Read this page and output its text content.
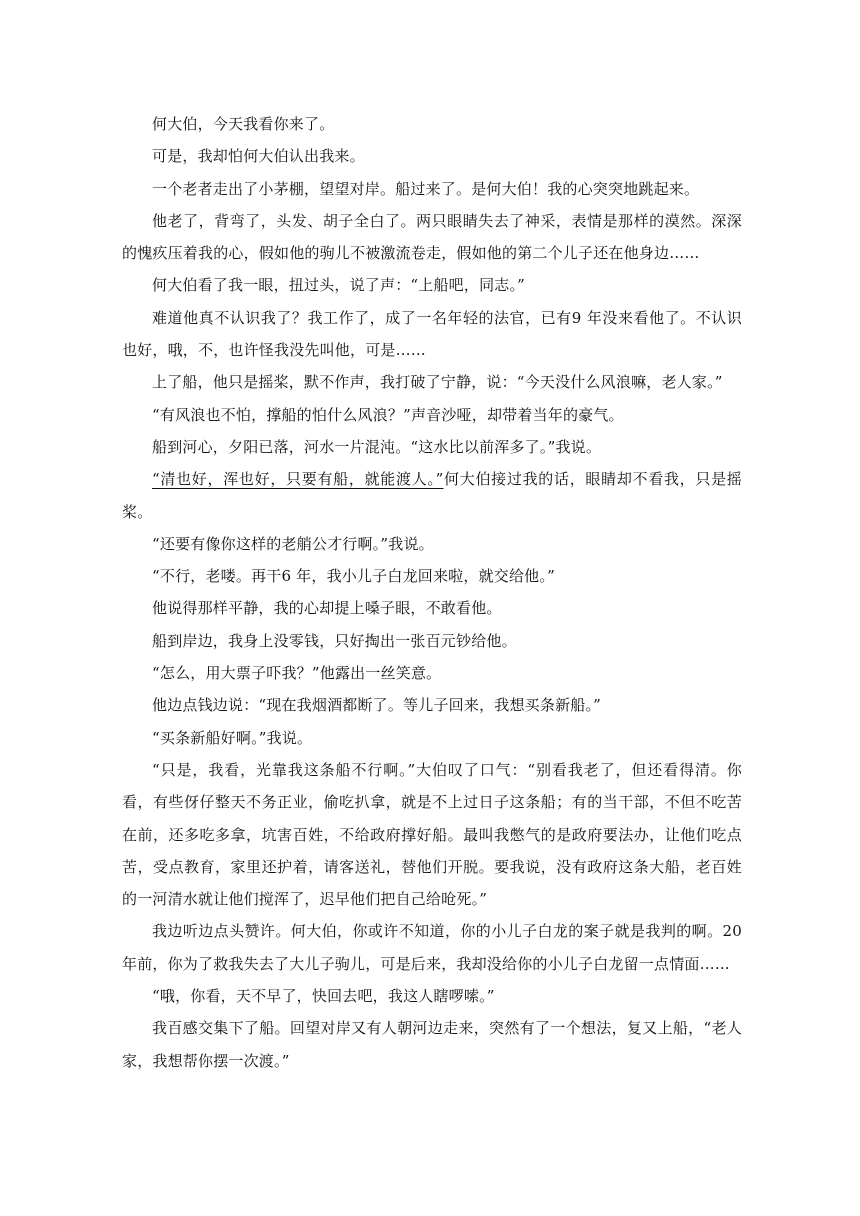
何大伯，今天我看你来了。

可是，我却怕何大伯认出我来。

一个老者走出了小茅棚，望望对岸。船过来了。是何大伯！我的心突突地跳起来。

他老了，背弯了，头发、胡子全白了。两只眼睛失去了神采，表情是那样的漠然。深深的愧疚压着我的心，假如他的驹儿不被激流卷走，假如他的第二个儿子还在他身边……

何大伯看了我一眼，扭过头，说了声：“上船吧，同志。”

难道他真不认识我了？我工作了，成了一名年轻的法官，已有9 年没来看他了。不认识也好，哦，不，也许怪我没先叫他，可是……

上了船，他只是摇桨，默不作声，我打破了宁静，说：“今天没什么风浪嘛，老人家。”

“有风浪也不怕，撑船的怕什么风浪？”声音沙哑，却带着当年的豪气。

船到河心，夕阳已落，河水一片混沌。“这水比以前浑多了。”我说。

“清也好，浑也好，只要有船，就能渡人。”何大伯接过我的话，眼睛却不看我，只是摇桨。

“还要有像你这样的老艄公才行啊。”我说。

“不行，老喽。再干6 年，我小儿子白龙回来啦，就交给他。”

他说得那样平静，我的心却提上嗓子眼，不敢看他。

船到岸边，我身上没零钱，只好掏出一张百元钞给他。

“怎么，用大票子吓我？”他露出一丝笑意。

他边点钱边说：“现在我烟酒都断了。等儿子回来，我想买条新船。”

“买条新船好啊。”我说。

“只是，我看，光靠我这条船不行啊。”大伯叹了口气：“别看我老了，但还看得清。你看，有些伢仔整天不务正业，偷吃扒拿，就是不上过日子这条船；有的当干部，不但不吃苦在前，还多吃多拿，坑害百姓，不给政府撑好船。最叫我憋气的是政府要法办，让他们吃点苦，受点教育，家里还护着，请客送礼，替他们开脱。要我说，没有政府这条大船，老百姓的一河清水就让他们搅浑了，迟早他们把自己给呛死。”

我边听边点头赞许。何大伯，你或许不知道，你的小儿子白龙的案子就是我判的啊。20 年前，你为了救我失去了大儿子驹儿，可是后来，我却没给你的小儿子白龙留一点情面……

“哦，你看，天不早了，快回去吧，我这人瞎啰嗦。”

我百感交集下了船。回望对岸又有人朝河边走来，突然有了一个想法，复又上船，“老人家，我想帮你摆一次渡。”
